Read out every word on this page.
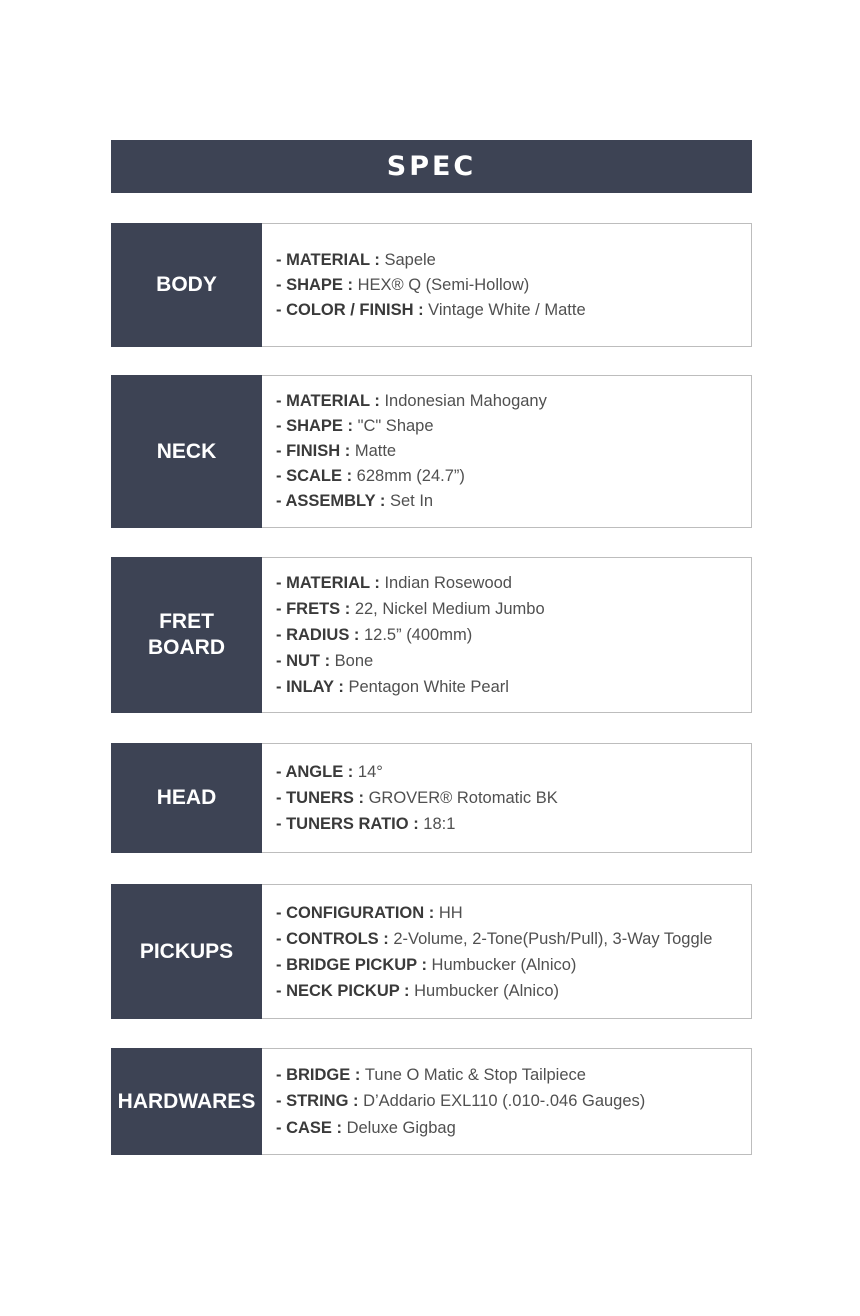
SPEC
BODY
- MATERIAL : Sapele
- SHAPE : HEX® Q (Semi-Hollow)
- COLOR / FINISH : Vintage White / Matte
NECK
- MATERIAL : Indonesian Mahogany
- SHAPE : "C" Shape
- FINISH : Matte
- SCALE : 628mm (24.7”)
- ASSEMBLY : Set In
FRET
BOARD
- MATERIAL : Indian Rosewood
- FRETS : 22, Nickel Medium Jumbo
- RADIUS : 12.5” (400mm)
- NUT : Bone
- INLAY : Pentagon White Pearl
HEAD
- ANGLE : 14°
- TUNERS : GROVER® Rotomatic BK
- TUNERS RATIO : 18:1
PICKUPS
- CONFIGURATION : HH
- CONTROLS : 2-Volume, 2-Tone(Push/Pull), 3-Way Toggle
- BRIDGE PICKUP : Humbucker (Alnico)
- NECK PICKUP : Humbucker (Alnico)
HARDWARES
- BRIDGE : Tune O Matic & Stop Tailpiece
- STRING : D’Addario EXL110 (.010-.046 Gauges)
- CASE : Deluxe Gigbag
